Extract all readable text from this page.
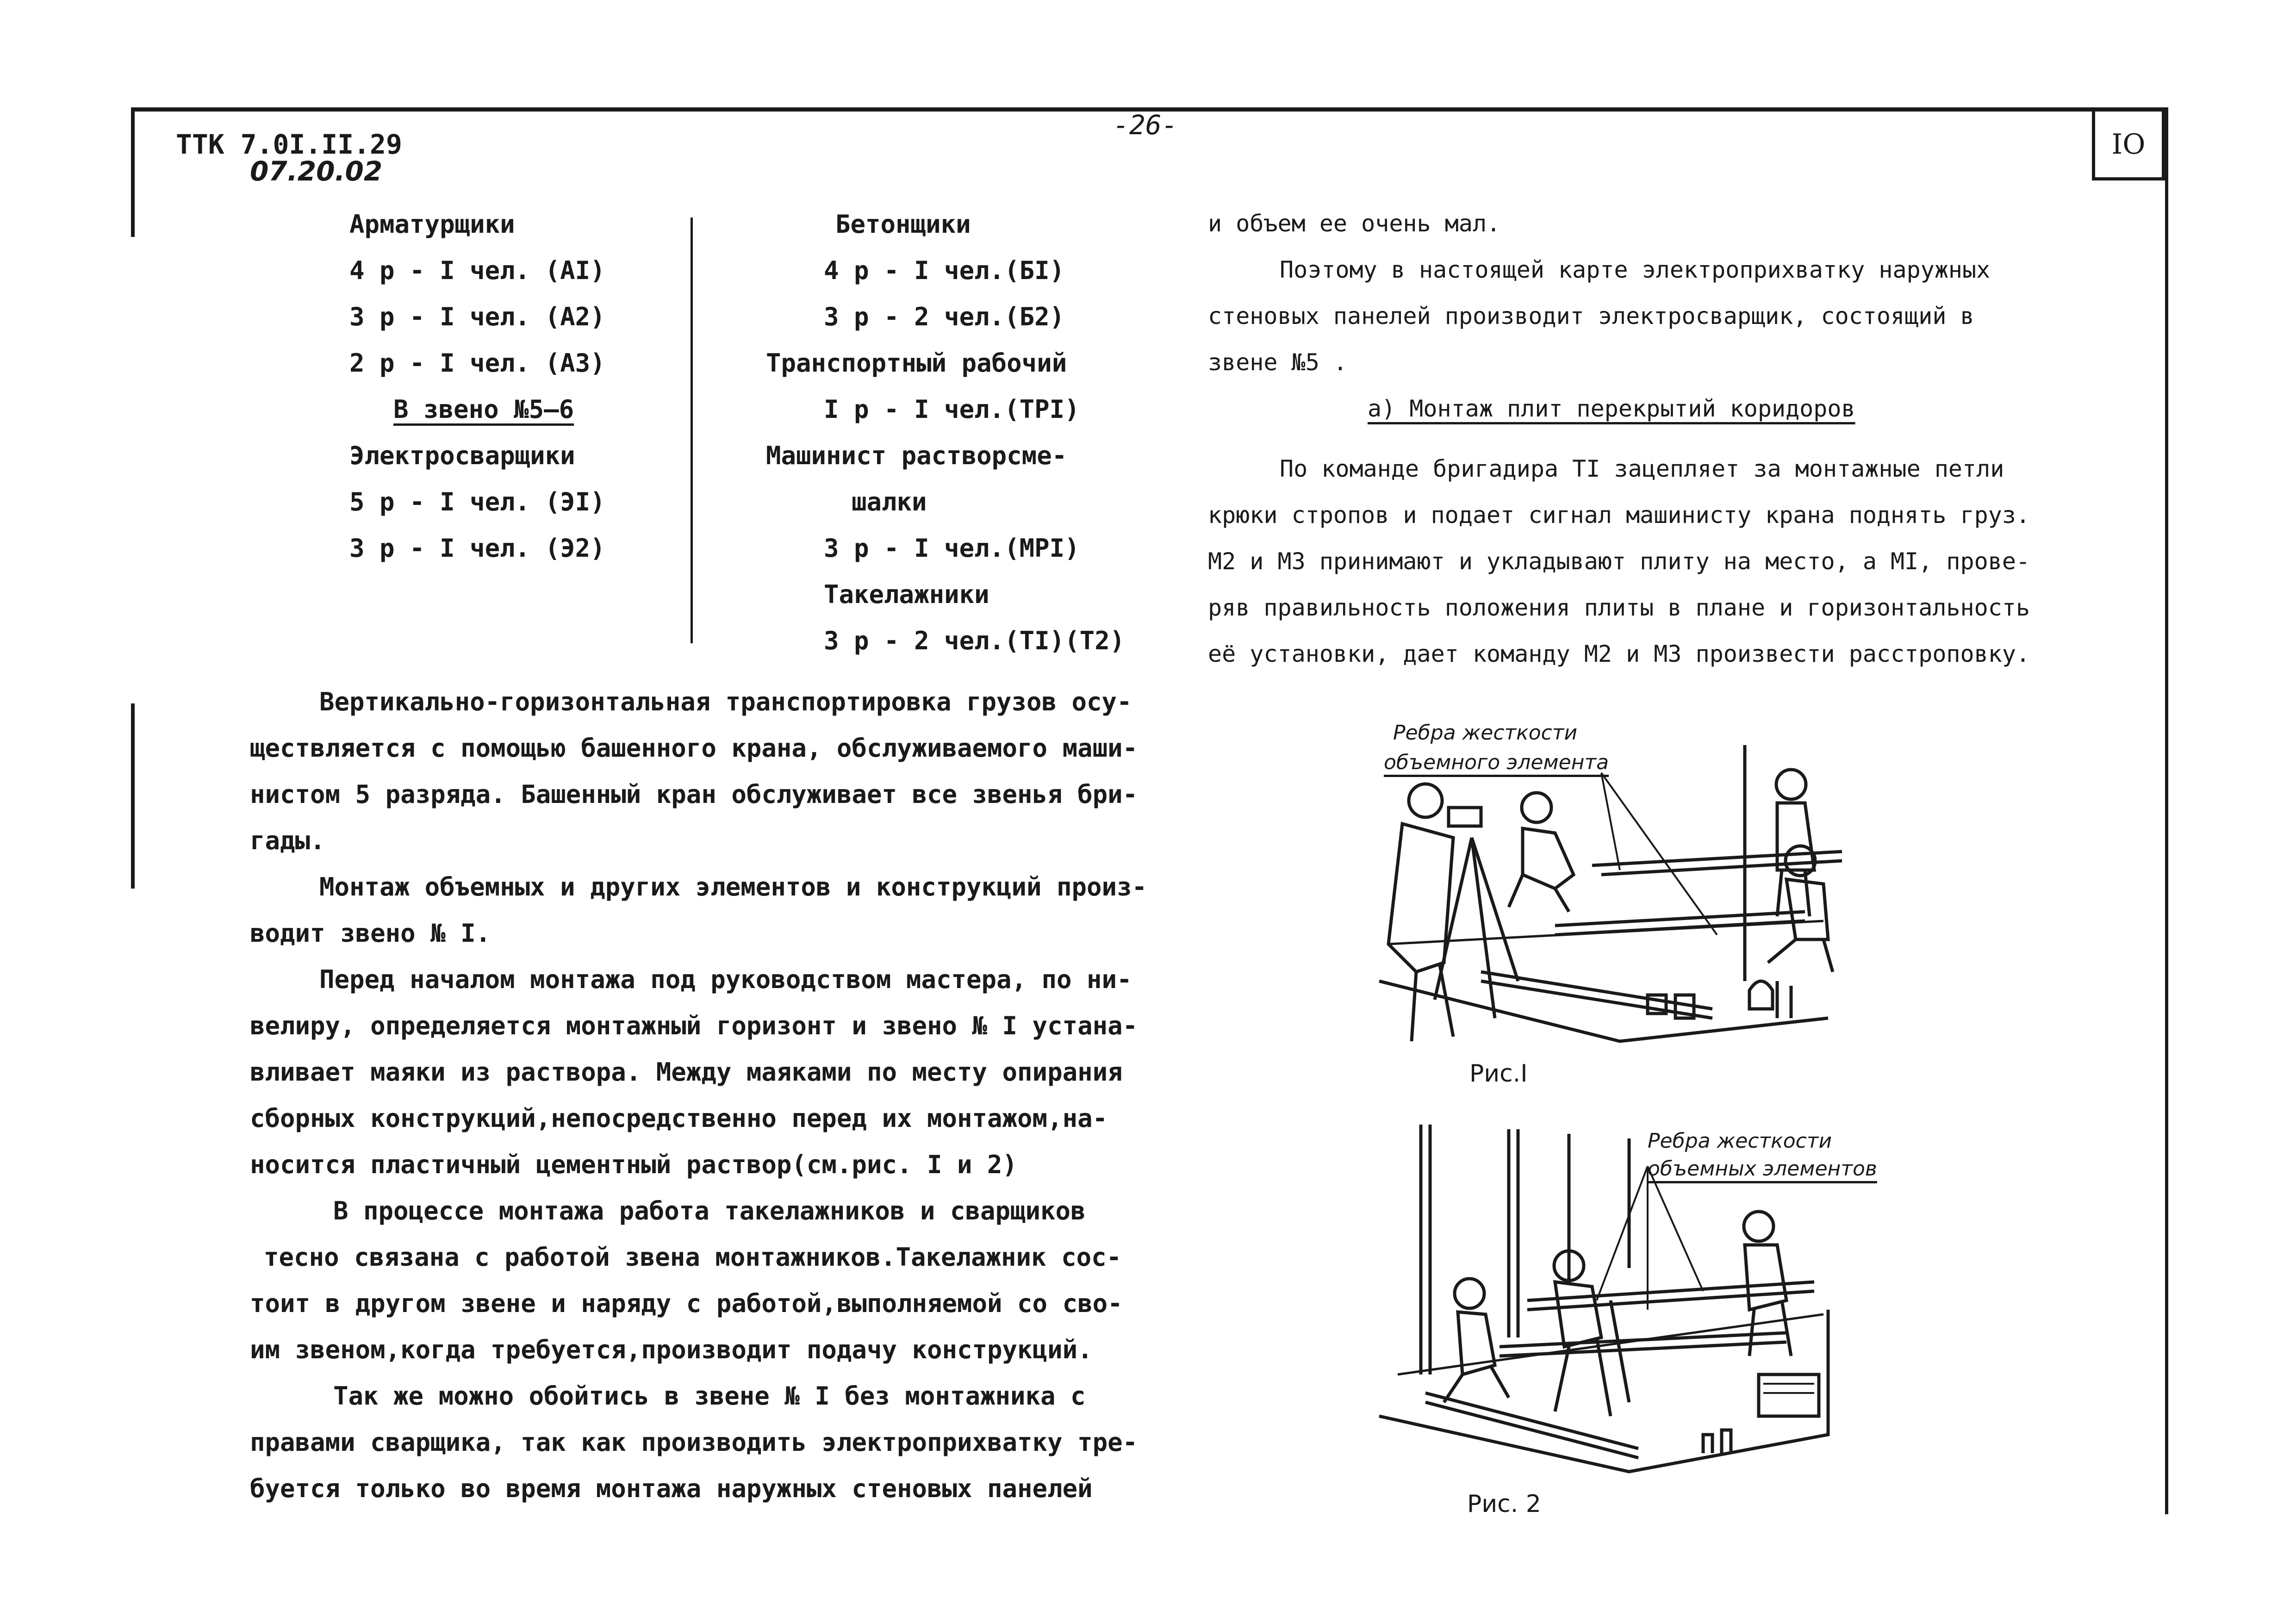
IO
ТТК 7.0I.II.29
07.20.02
-26-
Арматурщики
4 р - I чел. (АI)
3 р - I чел. (А2)
2 р - I чел. (А3)
В звено №5–6
Электросварщики
5 р - I чел. (ЭI)
3 р - I чел. (Э2)
Бетонщики
4 р - I чел.(БI)
3 р - 2 чел.(Б2)
Транспортный рабочий
I р - I чел.(ТРI)
Машинист растворсме-
шалки
3 р - I чел.(МРI)
Такелажники
3 р - 2 чел.(ТI)(Т2)
Вертикально-горизонтальная транспортировка грузов осу-
ществляется с помощью башенного крана, обслуживаемого маши-
нистом 5 разряда. Башенный кран обслуживает все звенья бри-
гады.
Монтаж объемных и других элементов и конструкций произ-
водит звено № I.
Перед началом монтажа под руководством мастера, по ни-
велиру, определяется монтажный горизонт и звено № I устана-
вливает маяки из раствора. Между маяками по месту опирания
сборных конструкций,непосредственно перед их монтажом,на-
носится пластичный цементный раствор(см.рис. I и 2)
В процессе монтажа работа такелажников и сварщиков
тесно связана с работой звена монтажников.Такелажник сос-
тоит в другом звене и наряду с работой,выполняемой со сво-
им звеном,когда требуется,производит подачу конструкций.
Так же можно обойтись в звене № I без монтажника с
правами сварщика, так как производить электроприхватку тре-
буется только во время монтажа наружных стеновых панелей
и объем ее очень мал.
Поэтому в настоящей карте электроприхватку наружных
стеновых панелей производит электросварщик, состоящий в
звене №5 .
а) Монтаж плит перекрытий коридоров
По команде бригадира ТI зацепляет за монтажные петли
крюки стропов и подает сигнал машинисту крана поднять груз.
М2 и М3 принимают и укладывают плиту на место, а МI, прове-
ряв правильность положения плиты в плане и горизонтальность
её установки, дает команду М2 и М3 произвести расстроповку.
Ребра жесткости
объемного элемента
Рис.I
Ребра жесткости
объемных элементов
Рис. 2
